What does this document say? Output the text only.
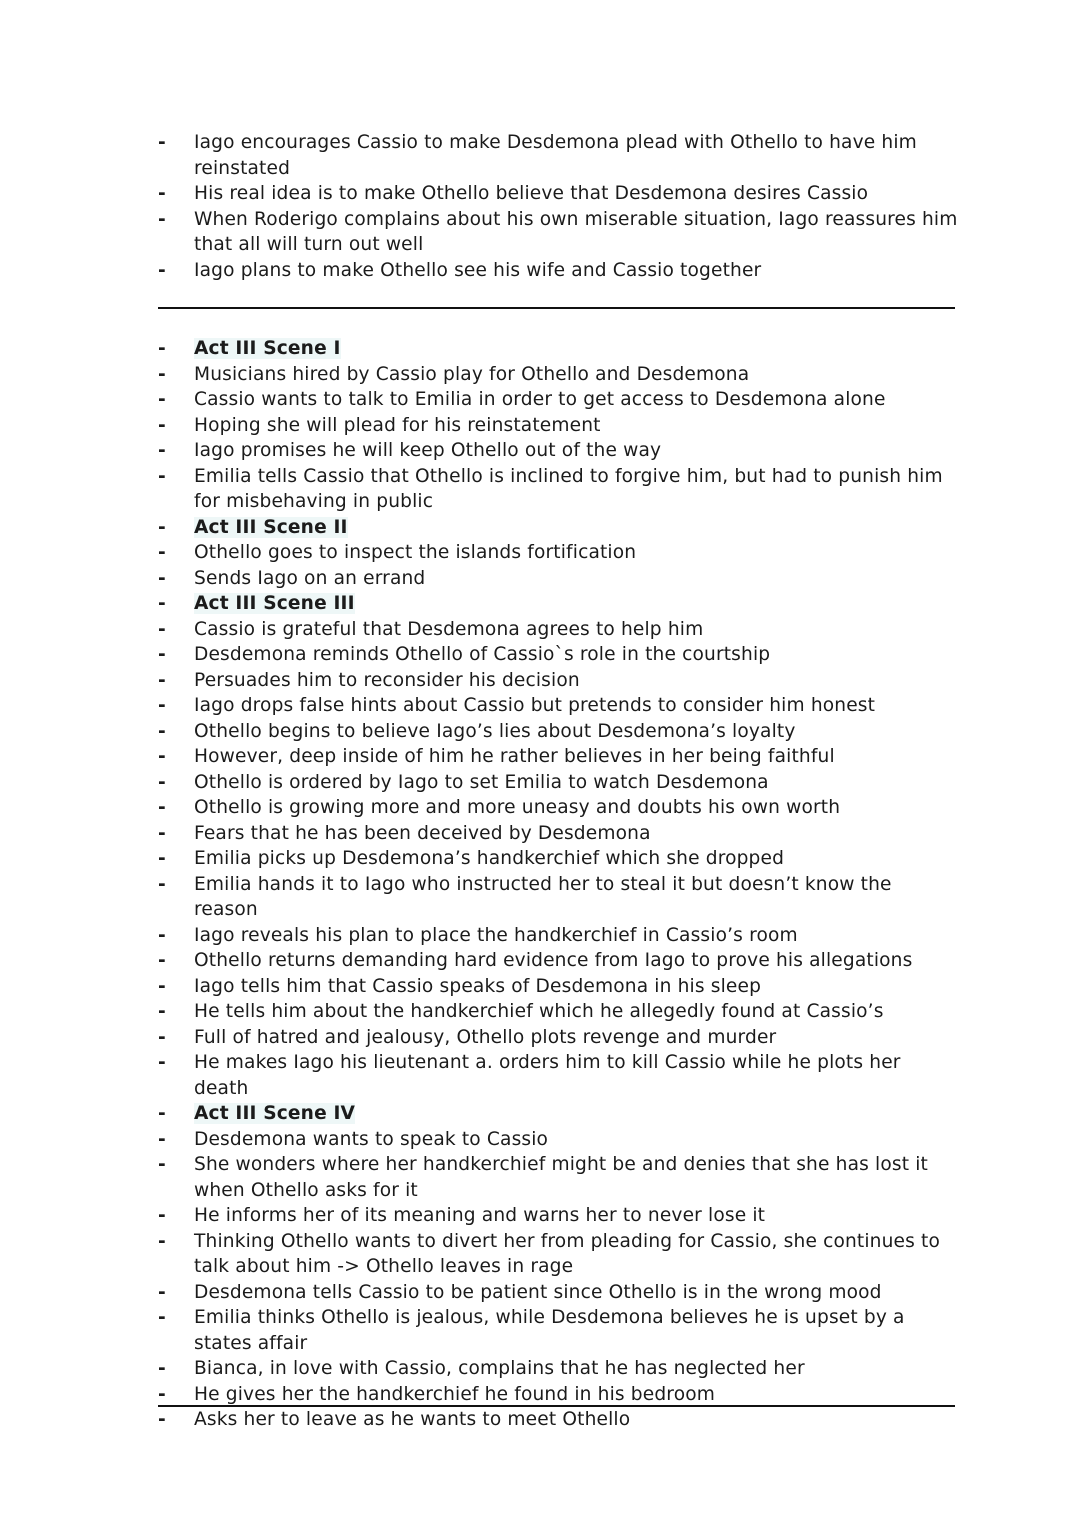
- Iago encourages Cassio to make Desdemona plead with Othello to have him reinstated
- His real idea is to make Othello believe that Desdemona desires Cassio
- When Roderigo complains about his own miserable situation, Iago reassures him that all will turn out well
- Iago plans to make Othello see his wife and Cassio together
- Act III Scene I
- Musicians hired by Cassio play for Othello and Desdemona
- Cassio wants to talk to Emilia in order to get access to Desdemona alone
- Hoping she will plead for his reinstatement
- Iago promises he will keep Othello out of the way
- Emilia tells Cassio that Othello is inclined to forgive him, but had to punish him for misbehaving in public
- Act III Scene II
- Othello goes to inspect the islands fortification
- Sends Iago on an errand
- Act III Scene III
- Cassio is grateful that Desdemona agrees to help him
- Desdemona reminds Othello of Cassio`s role in the courtship
- Persuades him to reconsider his decision
- Iago drops false hints about Cassio but pretends to consider him honest
- Othello begins to believe Iago’s lies about Desdemona’s loyalty
- However, deep inside of him he rather believes in her being faithful
- Othello is ordered by Iago to set Emilia to watch Desdemona
- Othello is growing more and more uneasy and doubts his own worth
- Fears that he has been deceived by Desdemona
- Emilia picks up Desdemona’s handkerchief which she dropped
- Emilia hands it to Iago who instructed her to steal it but doesn’t know the reason
- Iago reveals his plan to place the handkerchief in Cassio’s room
- Othello returns demanding hard evidence from Iago to prove his allegations
- Iago tells him that Cassio speaks of Desdemona in his sleep
- He tells him about the handkerchief which he allegedly found at Cassio’s
- Full of hatred and jealousy, Othello plots revenge and murder
- He makes Iago his lieutenant a. orders him to kill Cassio while he plots her death
- Act III Scene IV
- Desdemona wants to speak to Cassio
- She wonders where her handkerchief might be and denies that she has lost it when Othello asks for it
- He informs her of its meaning and warns her to never lose it
- Thinking Othello wants to divert her from pleading for Cassio, she continues to talk about him -> Othello leaves in rage
- Desdemona tells Cassio to be patient since Othello is in the wrong mood
- Emilia thinks Othello is jealous, while Desdemona believes he is upset by a states affair
- Bianca, in love with Cassio, complains that he has neglected her
- He gives her the handkerchief he found in his bedroom
- Asks her to leave as he wants to meet Othello
